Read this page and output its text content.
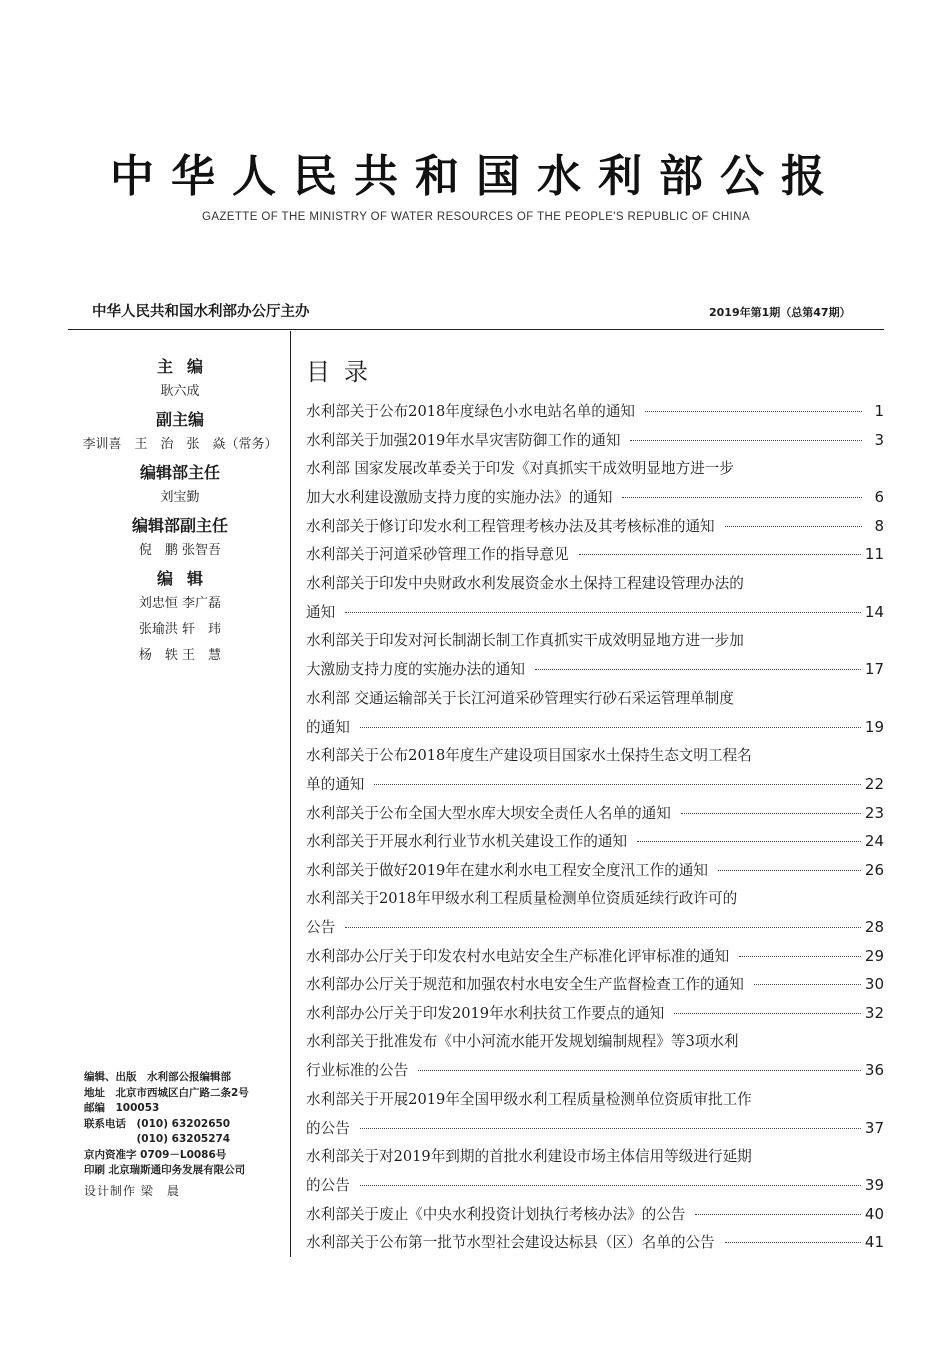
中华人民共和国水利部公报
GAZETTE OF THE MINISTRY OF WATER RESOURCES OF THE PEOPLE'S REPUBLIC OF CHINA
中华人民共和国水利部办公厅主办	2019年第1期（总第47期）
主编
耿六成
副主编
李训喜　王　治　张　焱（常务）
编辑部主任
刘宝勤
编辑部副主任
倪　鹏 张智吾
编辑
刘忠恒 李广磊
张瑜洪 轩　玮
杨　轶 王　慧
编辑、出版　水利部公报编辑部
地址　北京市西城区白广路二条2号
邮编　100053
联系电话　(010) 63202650
　　　　　(010) 63205274
京内资准字 0709－L0086号
印刷 北京瑞斯通印务发展有限公司
设计制作 梁　晨
目录
水利部关于公布2018年度绿色小水电站名单的通知	1
水利部关于加强2019年水旱灾害防御工作的通知	3
水利部 国家发展改革委关于印发《对真抓实干成效明显地方进一步
加大水利建设激励支持力度的实施办法》的通知	6
水利部关于修订印发水利工程管理考核办法及其考核标准的通知	8
水利部关于河道采砂管理工作的指导意见	11
水利部关于印发中央财政水利发展资金水土保持工程建设管理办法的
通知	14
水利部关于印发对河长制湖长制工作真抓实干成效明显地方进一步加
大激励支持力度的实施办法的通知	17
水利部 交通运输部关于长江河道采砂管理实行砂石采运管理单制度
的通知	19
水利部关于公布2018年度生产建设项目国家水土保持生态文明工程名
单的通知	22
水利部关于公布全国大型水库大坝安全责任人名单的通知	23
水利部关于开展水利行业节水机关建设工作的通知	24
水利部关于做好2019年在建水利水电工程安全度汛工作的通知	26
水利部关于2018年甲级水利工程质量检测单位资质延续行政许可的
公告	28
水利部办公厅关于印发农村水电站安全生产标准化评审标准的通知	29
水利部办公厅关于规范和加强农村水电安全生产监督检查工作的通知	30
水利部办公厅关于印发2019年水利扶贫工作要点的通知	32
水利部关于批准发布《中小河流水能开发规划编制规程》等3项水利
行业标准的公告	36
水利部关于开展2019年全国甲级水利工程质量检测单位资质审批工作
的公告	37
水利部关于对2019年到期的首批水利建设市场主体信用等级进行延期
的公告	39
水利部关于废止《中央水利投资计划执行考核办法》的公告	40
水利部关于公布第一批节水型社会建设达标县（区）名单的公告	41
